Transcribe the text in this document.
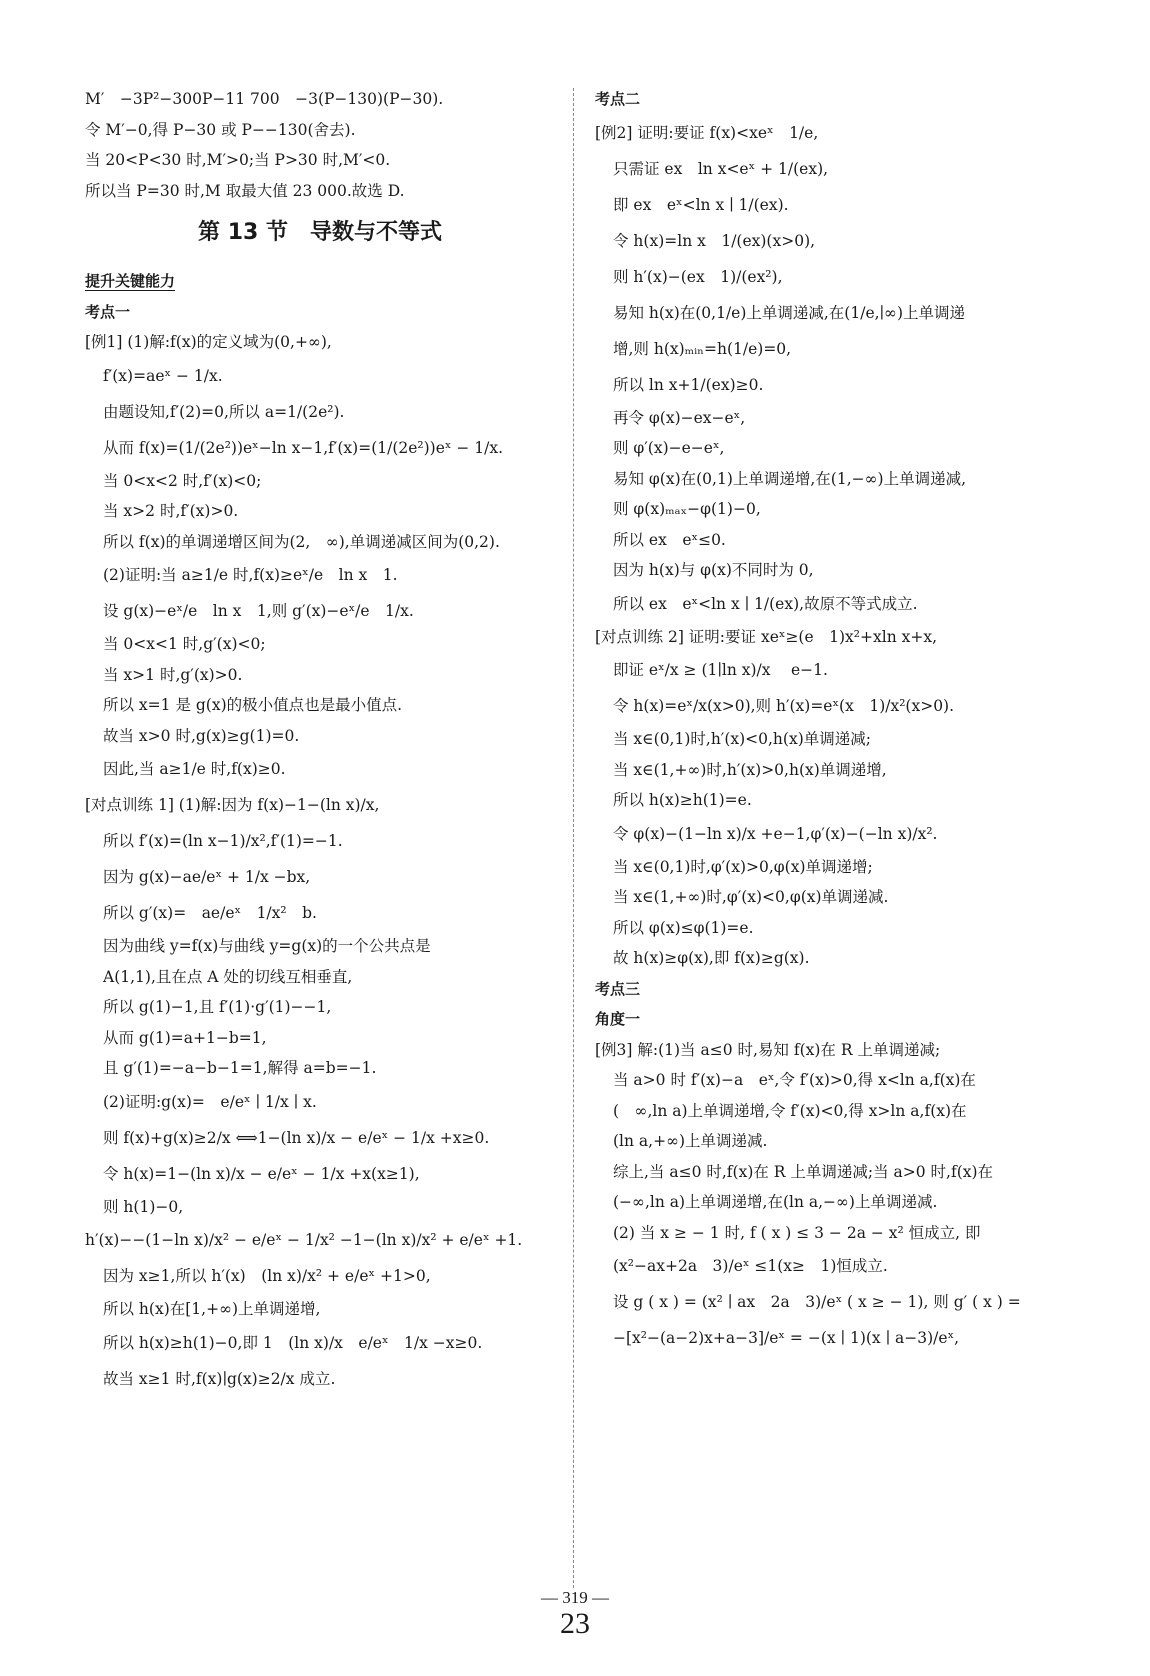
M′　−3P²−300P−11 700　−3(P−130)(P−30).
令 M′−0,得 P−30 或 P−−130(舍去).
当 20<P<30 时,M′>0;当 P>30 时,M′<0.
所以当 P=30 时,M 取最大值 23 000.故选 D.
第 13 节　导数与不等式
提升关键能力
考点一
[例1] (1)解:f(x)的定义域为(0,+∞),
f′(x)=aeˣ − 1/x.
由题设知,f′(2)=0,所以 a=1/(2e²).
从而 f(x)=(1/(2e²))eˣ−ln x−1,f′(x)=(1/(2e²))eˣ − 1/x.
当 0<x<2 时,f′(x)<0;
当 x>2 时,f′(x)>0.
所以 f(x)的单调递增区间为(2,　∞),单调递减区间为(0,2).
(2)证明:当 a≥1/e 时,f(x)≥eˣ/e　ln x　1.
设 g(x)−eˣ/e　ln x　1,则 g′(x)−eˣ/e　1/x.
当 0<x<1 时,g′(x)<0;
当 x>1 时,g′(x)>0.
所以 x=1 是 g(x)的极小值点也是最小值点.
故当 x>0 时,g(x)≥g(1)=0.
因此,当 a≥1/e 时,f(x)≥0.
[对点训练 1] (1)解:因为 f(x)−1−(ln x)/x,
所以 f′(x)=(ln x−1)/x²,f′(1)=−1.
因为 g(x)−ae/eˣ + 1/x −bx,
所以 g′(x)=　ae/eˣ　1/x²　b.
因为曲线 y=f(x)与曲线 y=g(x)的一个公共点是
A(1,1),且在点 A 处的切线互相垂直,
所以 g(1)−1,且 f′(1)·g′(1)−−1,
从而 g(1)=a+1−b=1,
且 g′(1)=−a−b−1=1,解得 a=b=−1.
(2)证明:g(x)=　e/eˣ ∣ 1/x ∣ x.
则 f(x)+g(x)≥2/x ⟺1−(ln x)/x − e/eˣ − 1/x +x≥0.
令 h(x)=1−(ln x)/x − e/eˣ − 1/x +x(x≥1),
则 h(1)−0,
h′(x)−−(1−ln x)/x² − e/eˣ − 1/x² −1−(ln x)/x² + e/eˣ +1.
因为 x≥1,所以 h′(x)　(ln x)/x² + e/eˣ +1>0,
所以 h(x)在[1,+∞)上单调递增,
所以 h(x)≥h(1)−0,即 1　(ln x)/x　e/eˣ　1/x −x≥0.
故当 x≥1 时,f(x)∣g(x)≥2/x 成立.
考点二
[例2] 证明:要证 f(x)<xeˣ　1/e,
只需证 ex　ln x<eˣ + 1/(ex),
即 ex　eˣ<ln x ∣ 1/(ex).
令 h(x)=ln x　1/(ex)(x>0),
则 h′(x)−(ex　1)/(ex²),
易知 h(x)在(0,1/e)上单调递减,在(1/e,∣∞)上单调递
增,则 h(x)ₘᵢₙ=h(1/e)=0,
所以 ln x+1/(ex)≥0.
再令 φ(x)−ex−eˣ,
则 φ′(x)−e−eˣ,
易知 φ(x)在(0,1)上单调递增,在(1,−∞)上单调递减,
则 φ(x)ₘₐₓ−φ(1)−0,
所以 ex　eˣ≤0.
因为 h(x)与 φ(x)不同时为 0,
所以 ex　eˣ<ln x ∣ 1/(ex),故原不等式成立.
[对点训练 2] 证明:要证 xeˣ≥(e　1)x²+xln x+x,
即证 eˣ/x ≥ (1∣ln x)/x 　e−1.
令 h(x)=eˣ/x(x>0),则 h′(x)=eˣ(x　1)/x²(x>0).
当 x∈(0,1)时,h′(x)<0,h(x)单调递减;
当 x∈(1,+∞)时,h′(x)>0,h(x)单调递增,
所以 h(x)≥h(1)=e.
令 φ(x)−(1−ln x)/x +e−1,φ′(x)−(−ln x)/x².
当 x∈(0,1)时,φ′(x)>0,φ(x)单调递增;
当 x∈(1,+∞)时,φ′(x)<0,φ(x)单调递减.
所以 φ(x)≤φ(1)=e.
故 h(x)≥φ(x),即 f(x)≥g(x).
考点三
角度一
[例3] 解:(1)当 a≤0 时,易知 f(x)在 R 上单调递减;
当 a>0 时 f′(x)−a　eˣ,令 f′(x)>0,得 x<ln a,f(x)在
(　∞,ln a)上单调递增,令 f′(x)<0,得 x>ln a,f(x)在
(ln a,+∞)上单调递减.
综上,当 a≤0 时,f(x)在 R 上单调递减;当 a>0 时,f(x)在
(−∞,ln a)上单调递增,在(ln a,−∞)上单调递减.
(2) 当 x ≥ − 1 时, f ( x ) ≤ 3 − 2a − x² 恒成立, 即
(x²−ax+2a　3)/eˣ ≤1(x≥　1)恒成立.
设 g ( x ) = (x² ∣ ax　2a　3)/eˣ ( x ≥ − 1), 则 g′ ( x ) =
−[x²−(a−2)x+a−3]/eˣ = −(x ∣ 1)(x ∣ a−3)/eˣ,
— 319 —
23
